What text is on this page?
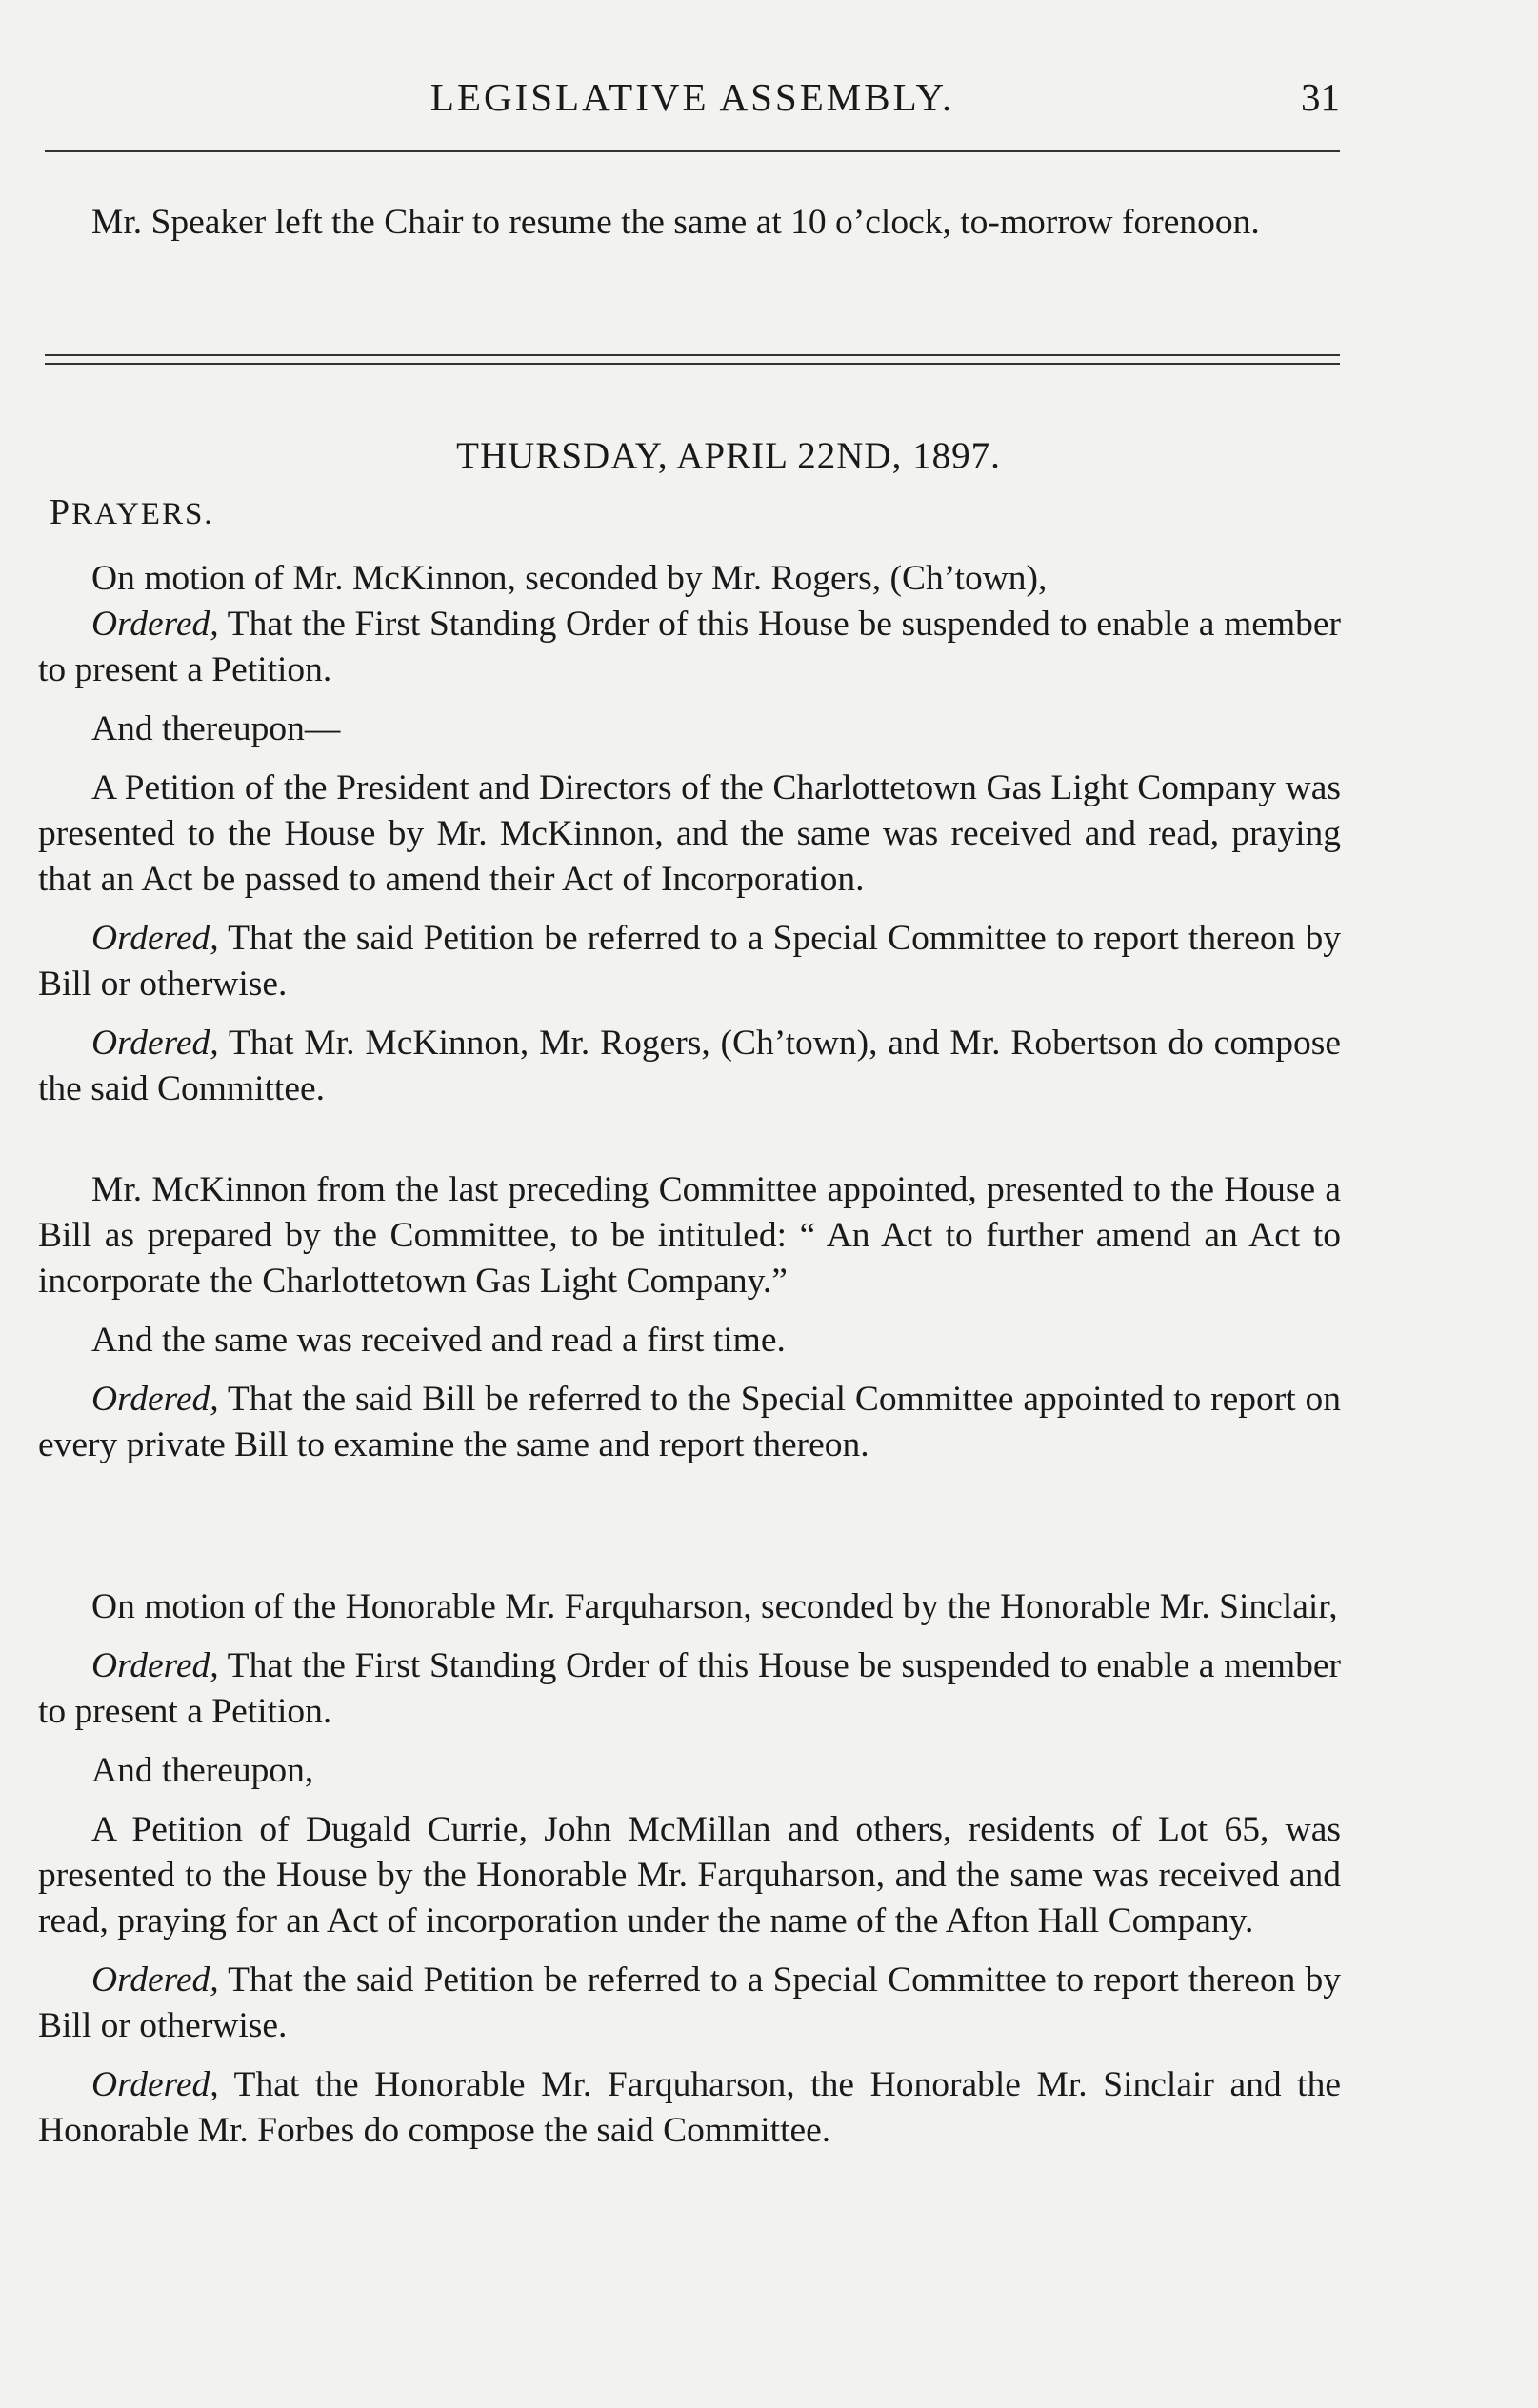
LEGISLATIVE ASSEMBLY.	31

Mr. Speaker left the Chair to resume the same at 10 o’clock, to-morrow forenoon.

THURSDAY, APRIL 22ND, 1897.
PRAYERS.

On motion of Mr. McKinnon, seconded by Mr. Rogers, (Ch’town),

Ordered, That the First Standing Order of this House be suspended to enable a member to present a Petition.

And thereupon—

A Petition of the President and Directors of the Charlottetown Gas Light Company was presented to the House by Mr. McKinnon, and the same was received and read, praying that an Act be passed to amend their Act of Incorporation.

Ordered, That the said Petition be referred to a Special Committee to report thereon by Bill or otherwise.

Ordered, That Mr. McKinnon, Mr. Rogers, (Ch’town), and Mr. Robertson do compose the said Committee.

Mr. McKinnon from the last preceding Committee appointed, presented to the House a Bill as prepared by the Committee, to be intituled: “ An Act to further amend an Act to incorporate the Charlottetown Gas Light Company.”

And the same was received and read a first time.

Ordered, That the said Bill be referred to the Special Committee appointed to report on every private Bill to examine the same and report thereon.

On motion of the Honorable Mr. Farquharson, seconded by the Honorable Mr. Sinclair,

Ordered, That the First Standing Order of this House be suspended to enable a member to present a Petition.

And thereupon,

A Petition of Dugald Currie, John McMillan and others, residents of Lot 65, was presented to the House by the Honorable Mr. Farquharson, and the same was received and read, praying for an Act of incorporation under the name of the Afton Hall Company.

Ordered, That the said Petition be referred to a Special Committee to report thereon by Bill or otherwise.

Ordered, That the Honorable Mr. Farquharson, the Honorable Mr. Sinclair and the Honorable Mr. Forbes do compose the said Committee.
